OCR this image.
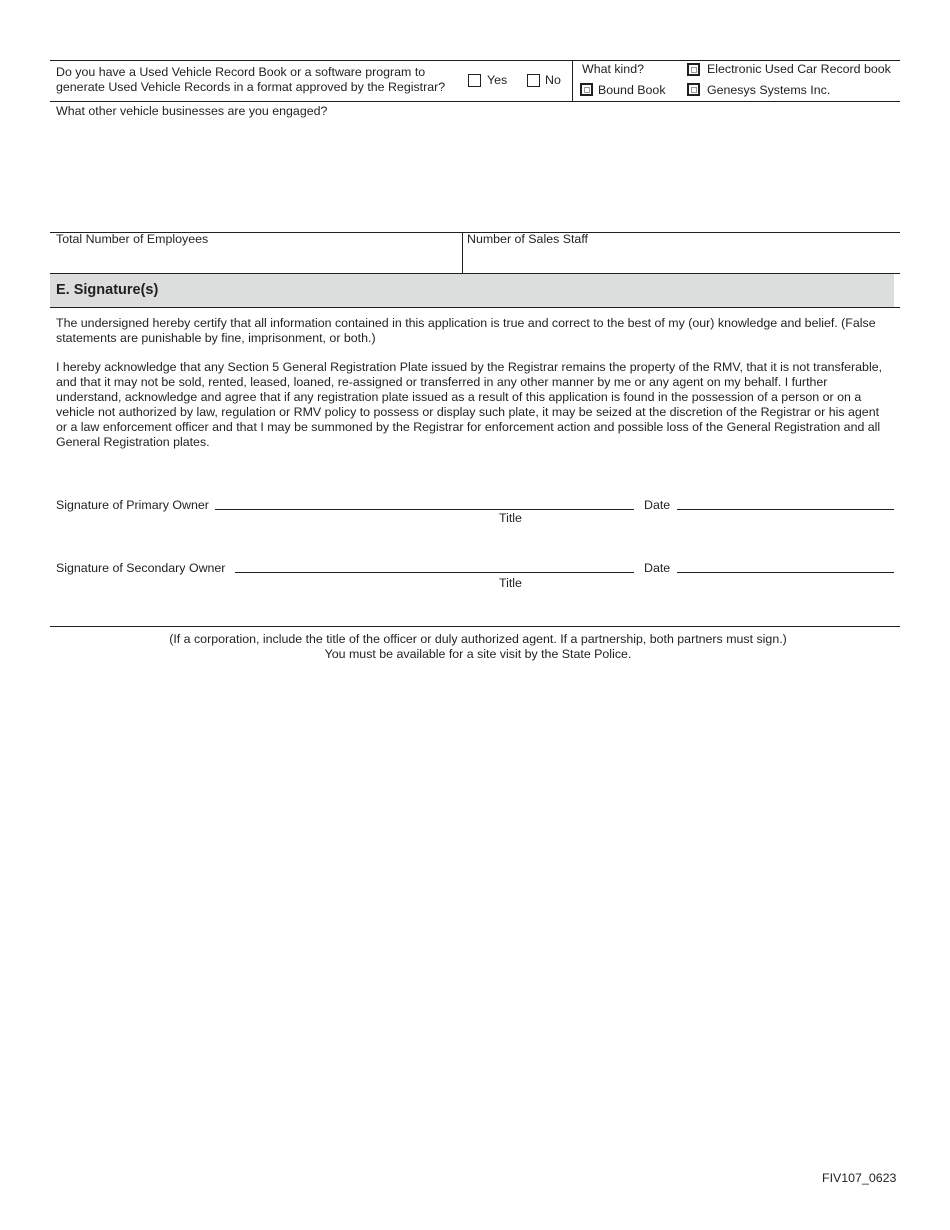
Do you have a Used Vehicle Record Book or a software program to
generate Used Vehicle Records in a format approved by the Registrar?	Yes	No
What kind?	Electronic Used Car Record book
Bound Book	Genesys Systems Inc.
What other vehicle businesses are you engaged?
Total Number of Employees	Number of Sales Staff
E. Signature(s)
The undersigned hereby certify that all information contained in this application is true and correct to the best of my (our) knowledge and belief. (False
statements are punishable by fine, imprisonment, or both.)
I hereby acknowledge that any Section 5 General Registration Plate issued by the Registrar remains the property of the RMV, that it is not transferable,
and that it may not be sold, rented, leased, loaned, re-assigned or transferred in any other manner by me or any agent on my behalf. I further
understand, acknowledge and agree that if any registration plate issued as a result of this application is found in the possession of a person or on a
vehicle not authorized by law, regulation or RMV policy to possess or display such plate, it may be seized at the discretion of the Registrar or his agent
or a law enforcement officer and that I may be summoned by the Registrar for enforcement action and possible loss of the General Registration and all
General Registration plates.
Signature of Primary Owner	Date
Title
Signature of Secondary Owner	Date
Title
(If a corporation, include the title of the officer or duly authorized agent. If a partnership, both partners must sign.)
You must be available for a site visit by the State Police.
FIV107_0623
